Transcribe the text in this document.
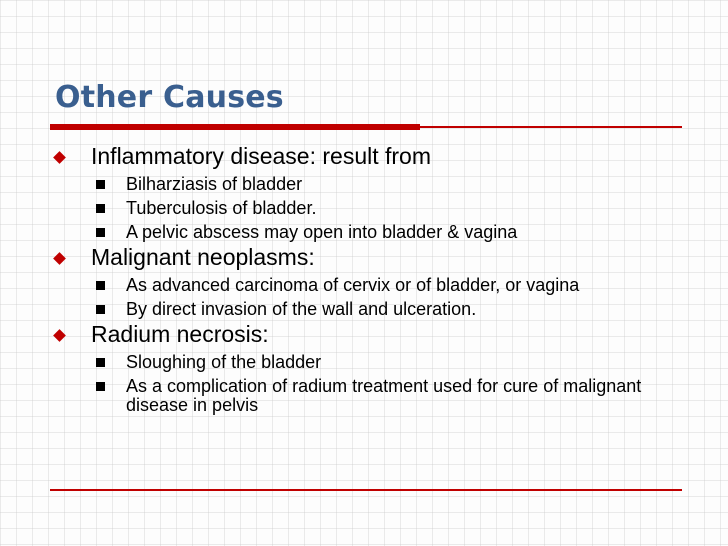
Other Causes
Inflammatory disease: result from
Bilharziasis of bladder
Tuberculosis of bladder.
A pelvic abscess may open into bladder & vagina
Malignant neoplasms:
As advanced carcinoma of cervix or of bladder, or vagina
By direct invasion of the wall and ulceration.
Radium necrosis:
Sloughing of the bladder
As a complication of radium treatment used for cure of malignant disease in pelvis
